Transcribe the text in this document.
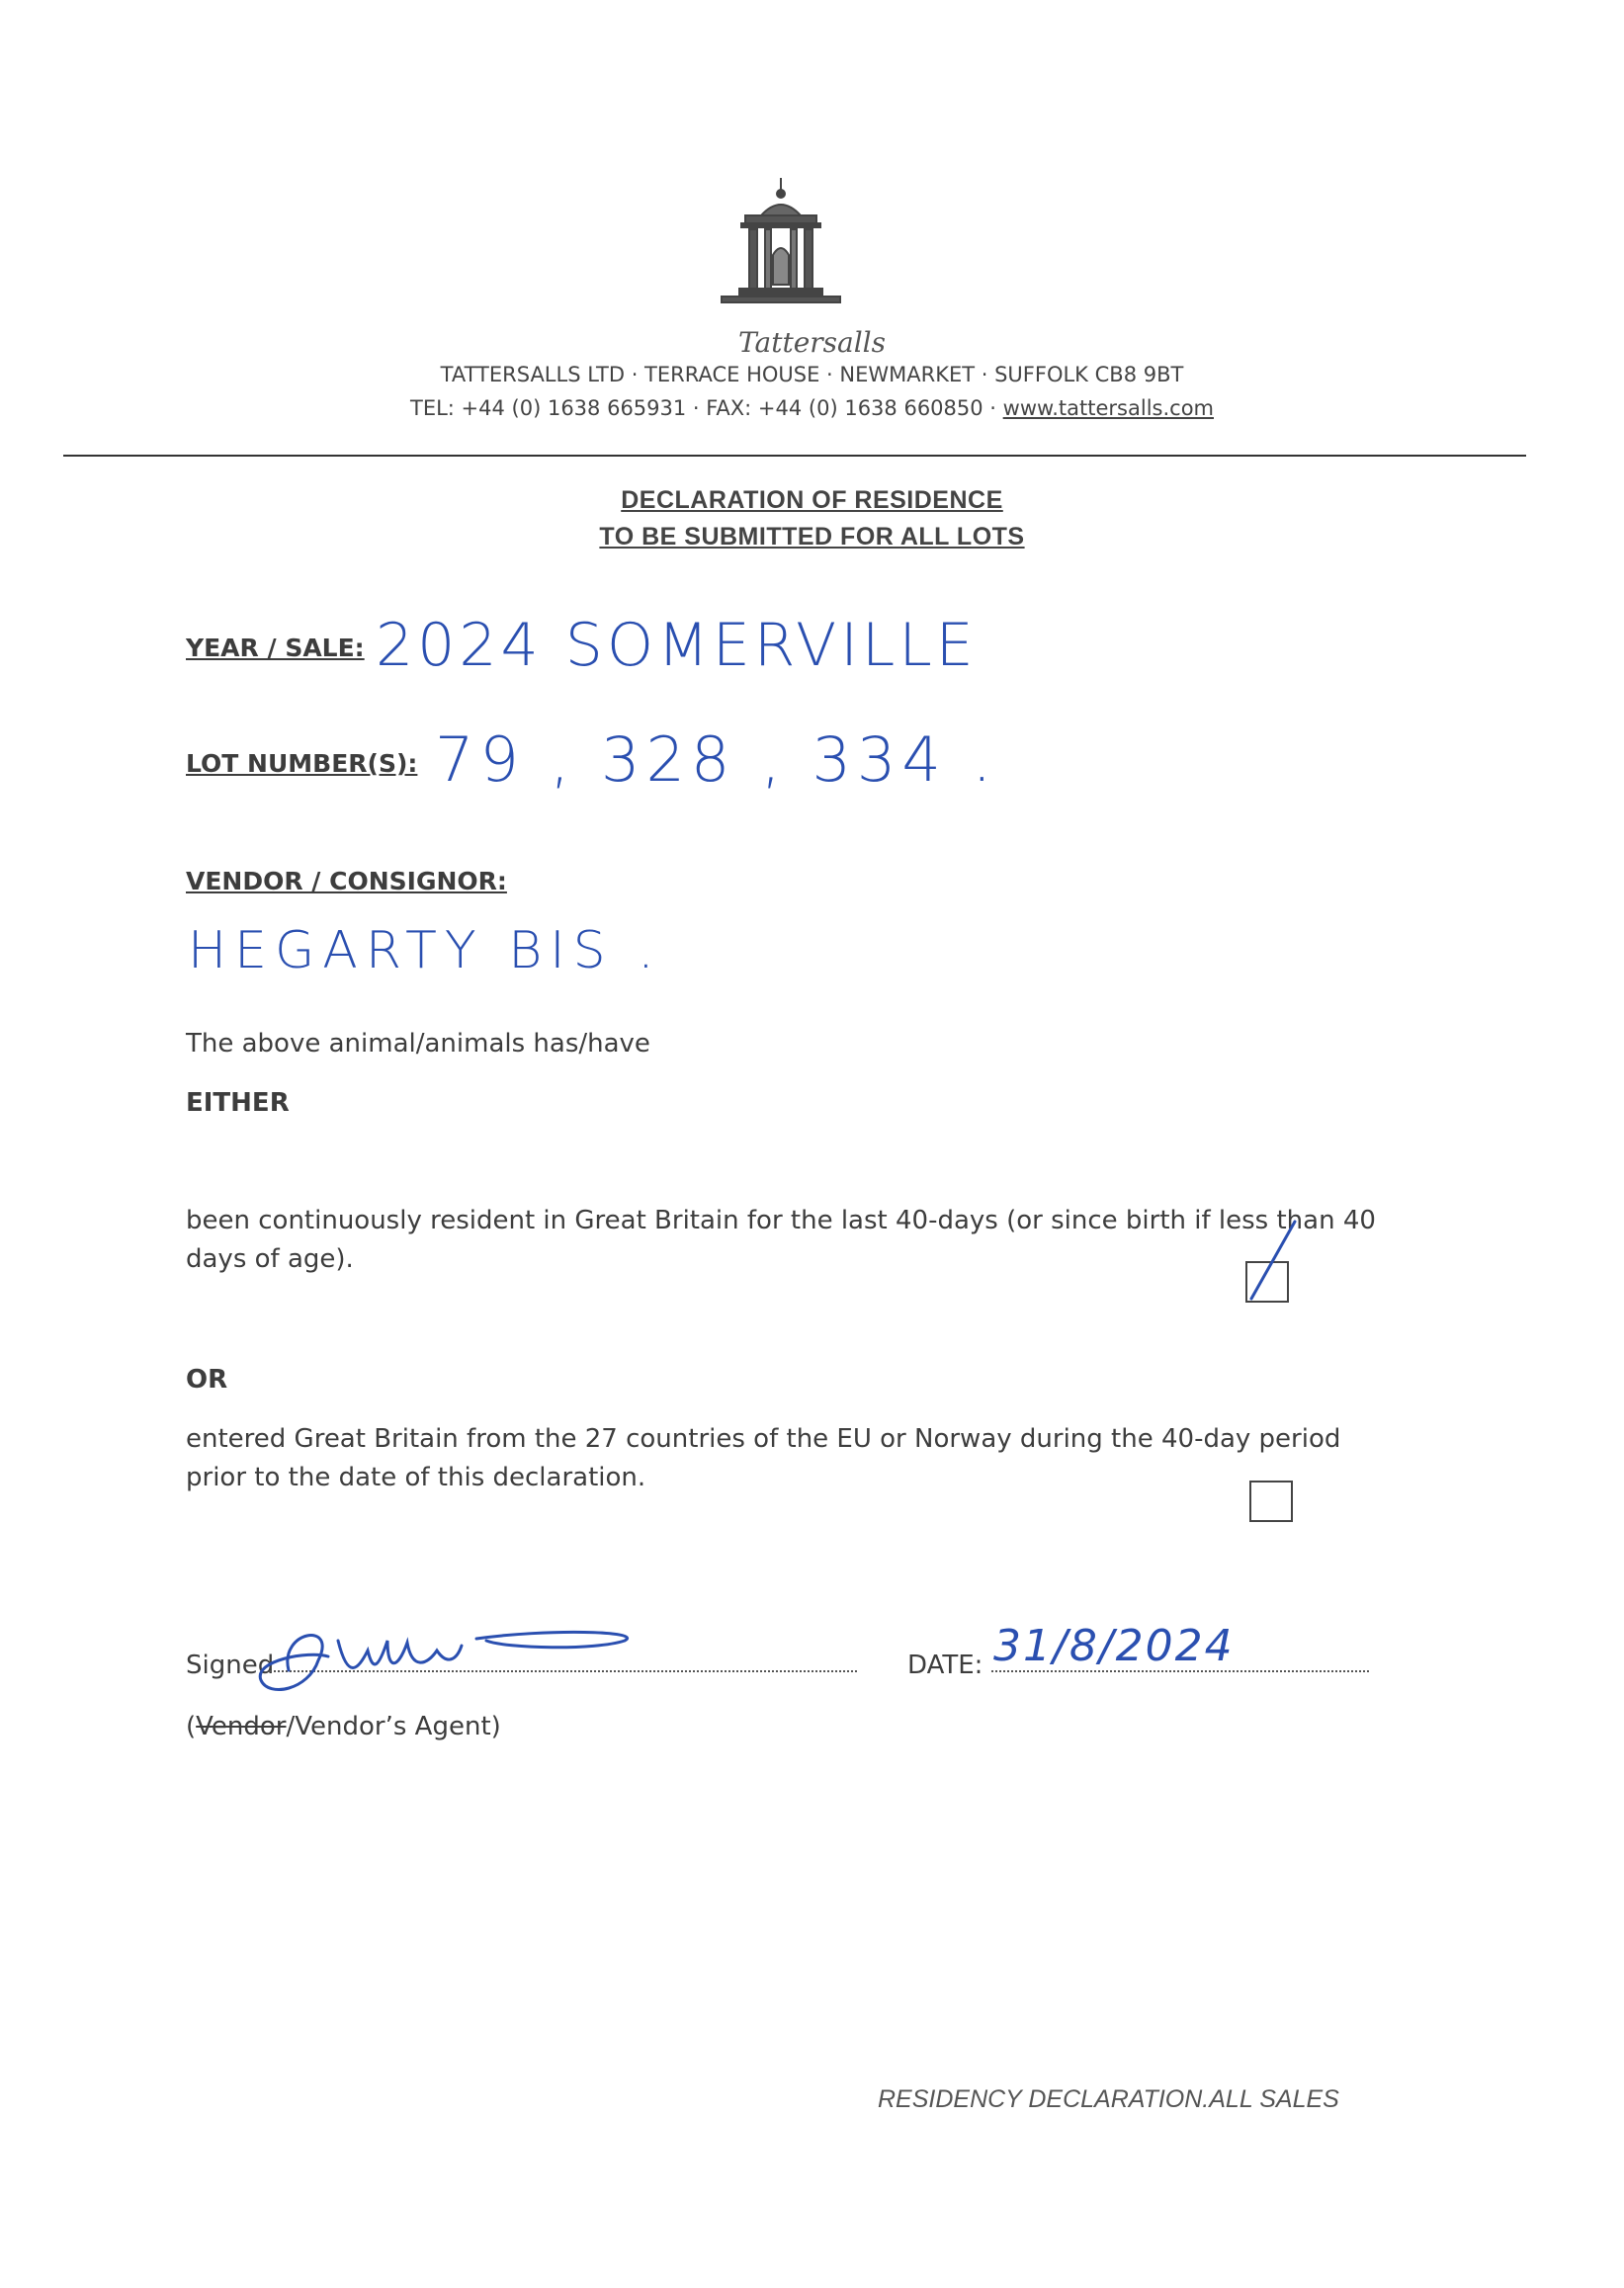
Tattersalls
TATTERSALLS LTD · TERRACE HOUSE · NEWMARKET · SUFFOLK CB8 9BT
TEL: +44 (0) 1638 665931 · FAX: +44 (0) 1638 660850 · www.tattersalls.com
DECLARATION OF RESIDENCE
TO BE SUBMITTED FOR ALL LOTS
YEAR / SALE: 2024 SOMERVILLE
LOT NUMBER(S): 79 , 328 , 334 .
VENDOR / CONSIGNOR:
HEGARTY BIS .
The above animal/animals has/have
EITHER
been continuously resident in Great Britain for the last 40-days (or since birth if less than 40 days of age).
OR
entered Great Britain from the 27 countries of the EU or Norway during the 40-day period prior to the date of this declaration.
Signed	DATE: 31/8/2024
(Vendor/Vendor’s Agent)
RESIDENCY DECLARATION.ALL SALES
